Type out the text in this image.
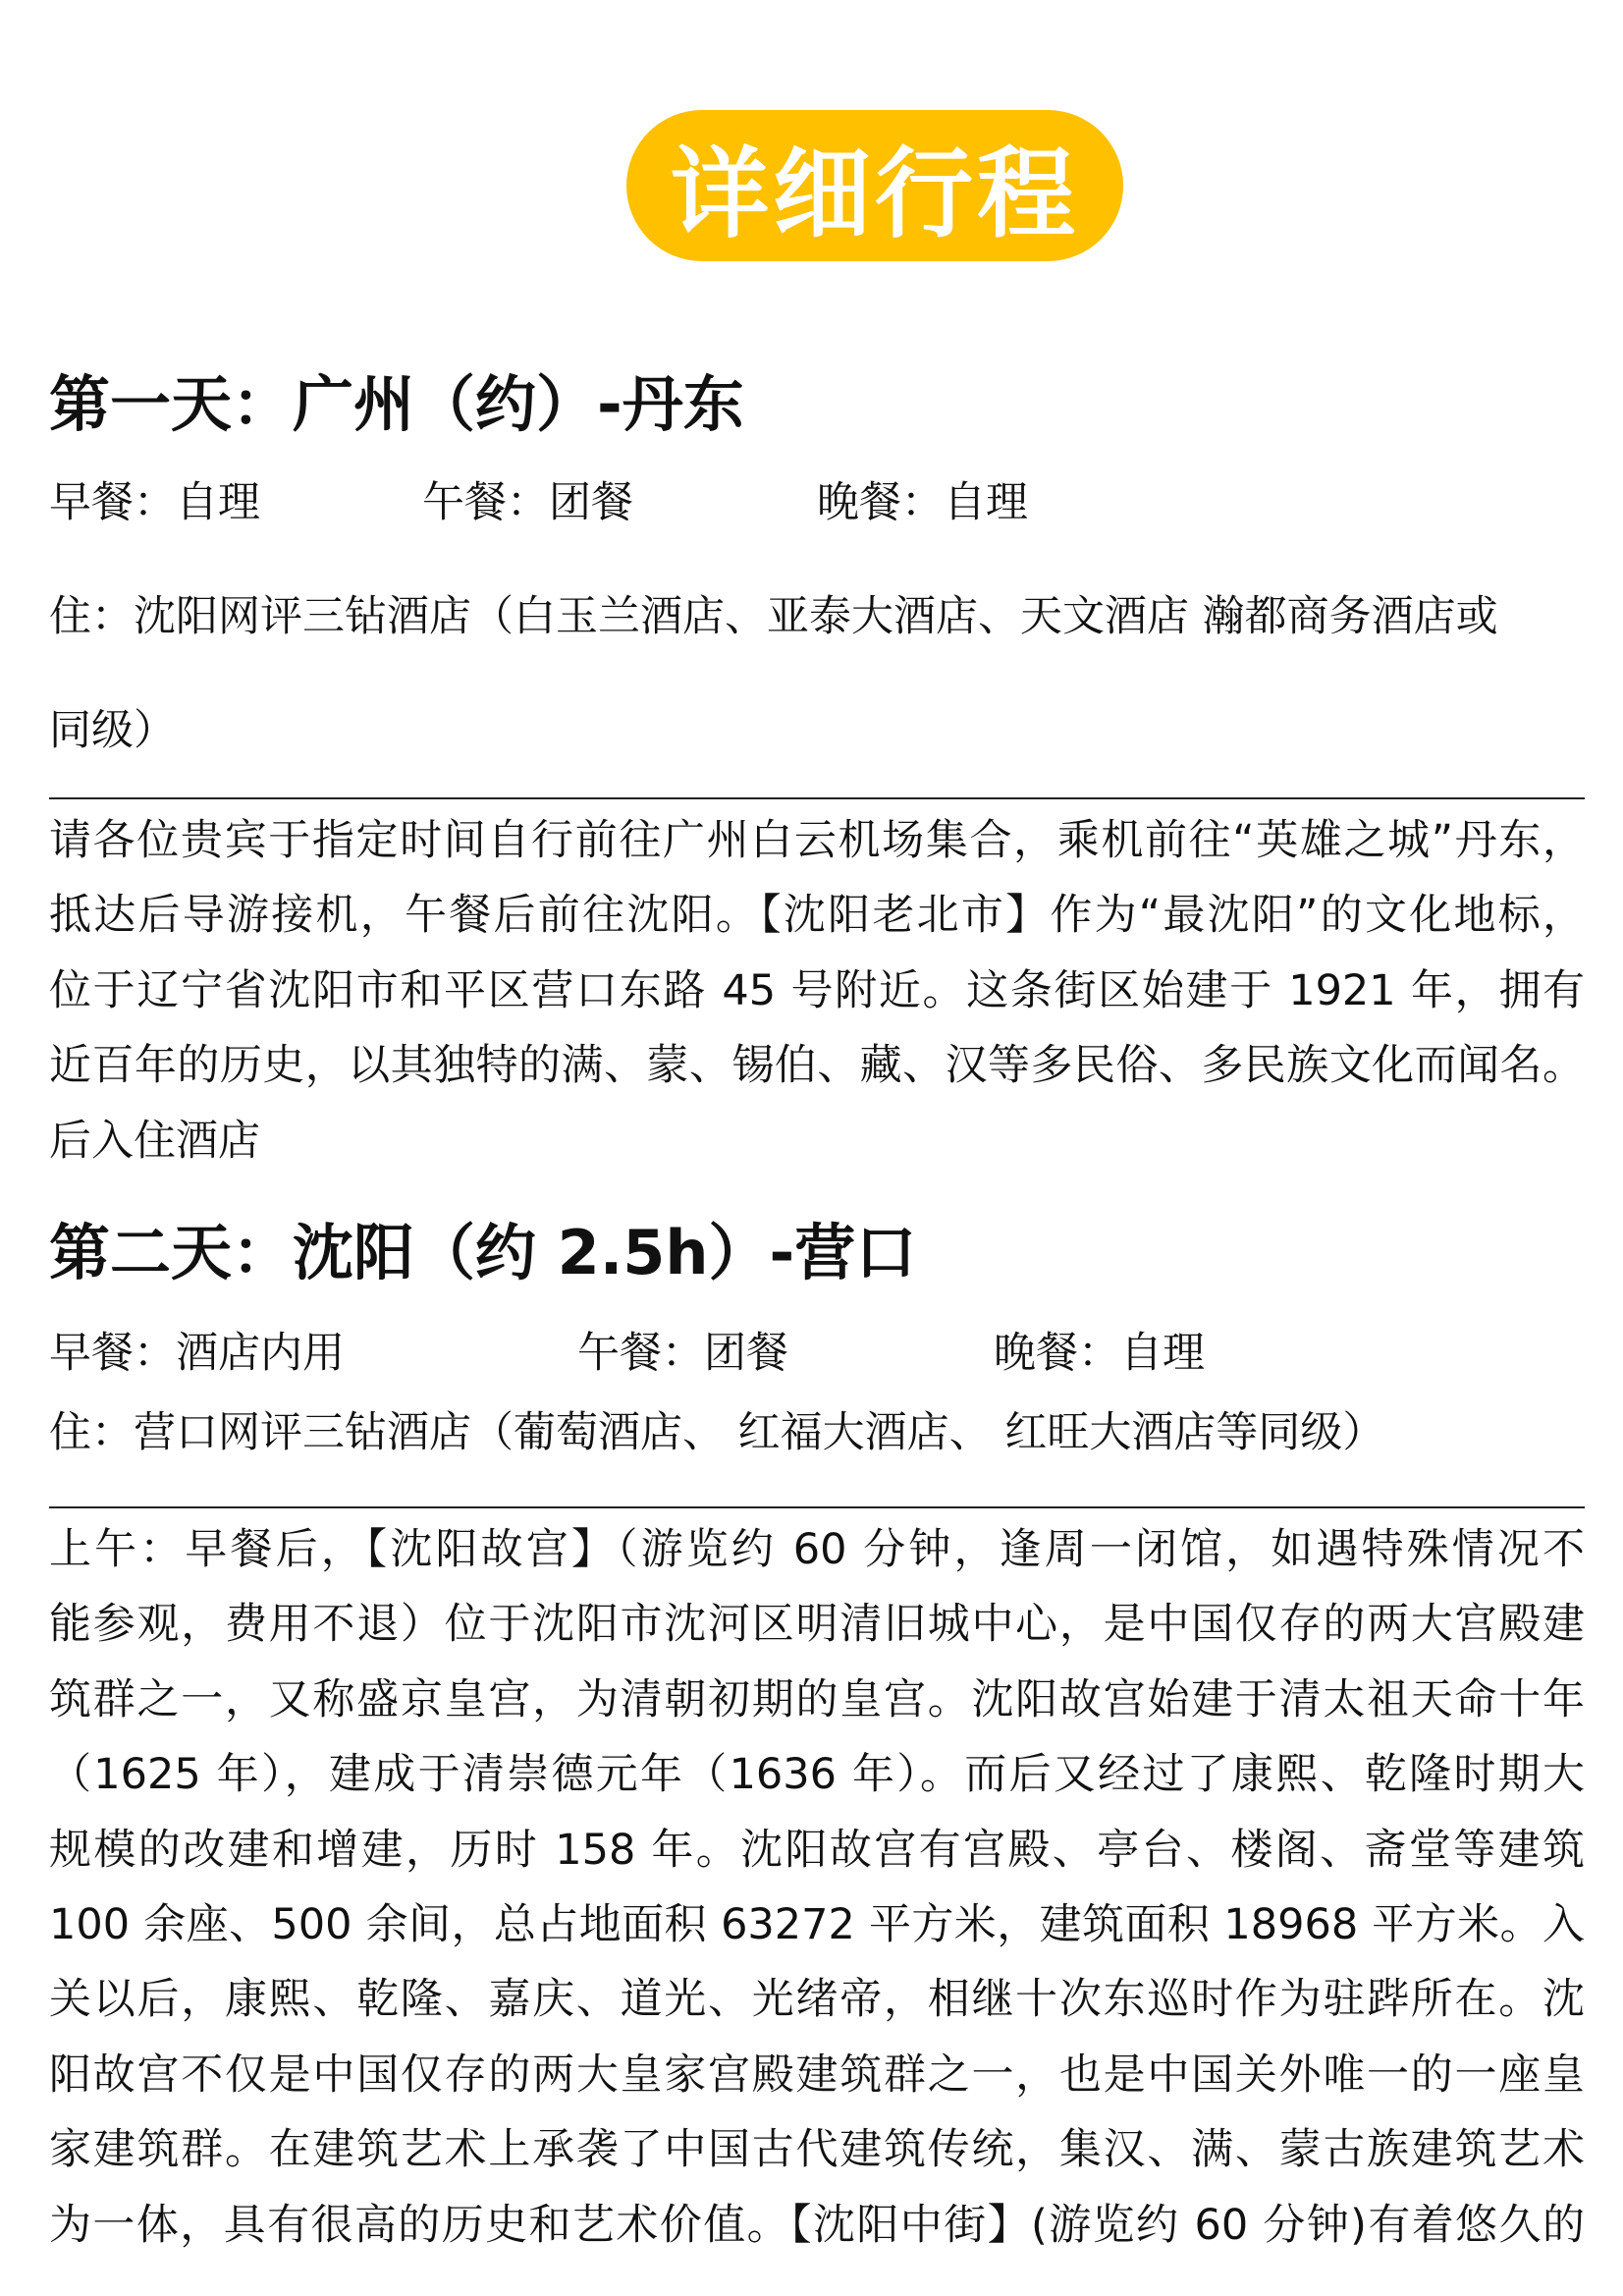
详细行程
第一天：广州（约）-丹东
早餐：自理	午餐：团餐	晚餐：自理
住：沈阳网评三钻酒店（白玉兰酒店、亚泰大酒店、天文酒店 瀚都商务酒店或
同级）
请各位贵宾于指定时间自行前往广州白云机场集合，乘机前往“英雄之城”丹东，
抵达后导游接机，午餐后前往沈阳。【沈阳老北市】作为“最沈阳”的文化地标，
位于辽宁省沈阳市和平区营口东路 45 号附近。这条街区始建于 1921 年，拥有
近百年的历史，以其独特的满、蒙、锡伯、藏、汉等多民俗、多民族文化而闻名。
后入住酒店
第二天：沈阳（约 2.5h）-营口
早餐：酒店内用	午餐：团餐	晚餐：自理
住：营口网评三钻酒店（葡萄酒店、 红福大酒店、 红旺大酒店等同级）
上午：早餐后，【沈阳故宫】（游览约 60 分钟，逢周一闭馆，如遇特殊情况不
能参观，费用不退）位于沈阳市沈河区明清旧城中心，是中国仅存的两大宫殿建
筑群之一，又称盛京皇宫，为清朝初期的皇宫。沈阳故宫始建于清太祖天命十年
（1625 年），建成于清崇德元年（1636 年）。而后又经过了康熙、乾隆时期大
规模的改建和增建，历时 158 年。沈阳故宫有宫殿、亭台、楼阁、斋堂等建筑
100 余座、500 余间，总占地面积 63272 平方米，建筑面积 18968 平方米。入
关以后，康熙、乾隆、嘉庆、道光、光绪帝，相继十次东巡时作为驻跸所在。沈
阳故宫不仅是中国仅存的两大皇家宫殿建筑群之一，也是中国关外唯一的一座皇
家建筑群。在建筑艺术上承袭了中国古代建筑传统，集汉、满、蒙古族建筑艺术
为一体，具有很高的历史和艺术价值。【沈阳中街】(游览约 60 分钟)有着悠久的
